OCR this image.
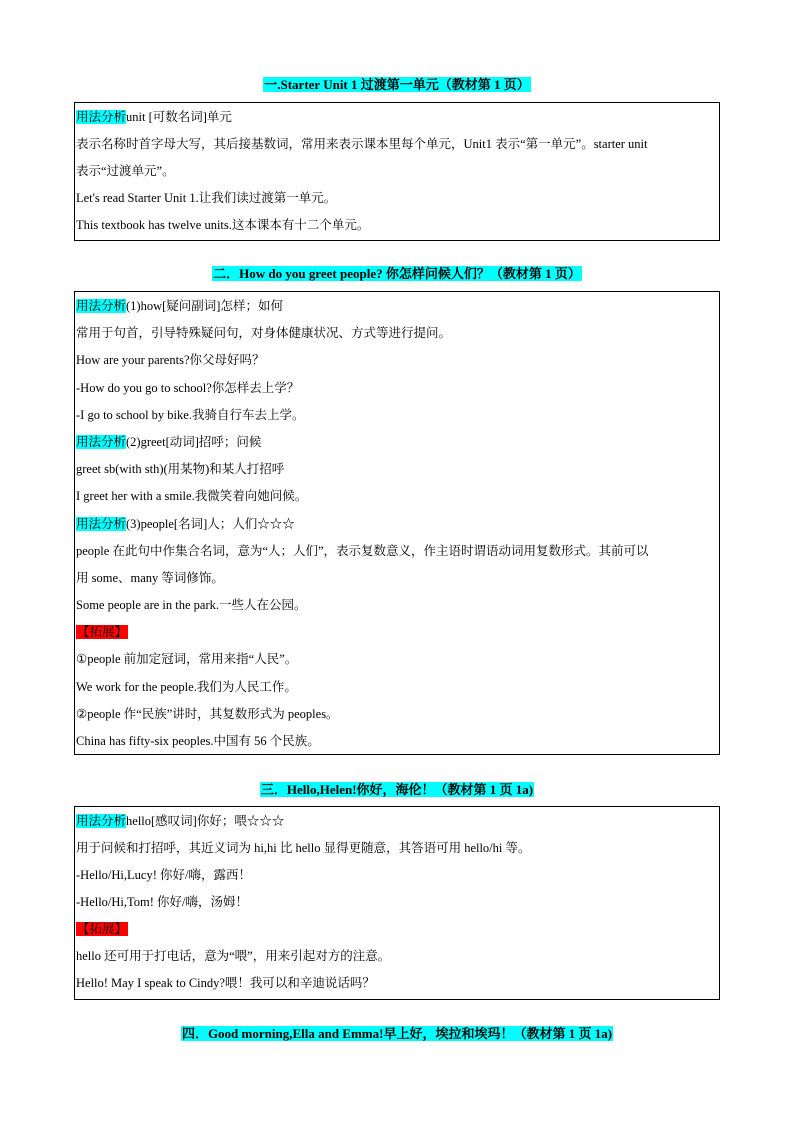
一.Starter Unit 1 过渡第一单元（教材第 1 页）
用法分析unit [可数名词]单元
表示名称时首字母大写，其后接基数词，常用来表示课本里每个单元，Unit1 表示“第一单元”。starter unit
表示“过渡单元”。
Let's read Starter Unit 1.让我们读过渡第一单元。
This textbook has twelve units.这本课本有十二个单元。
二．How do you greet people? 你怎样问候人们？（教材第 1 页）
用法分析(1)how[疑问副词]怎样；如何
常用于句首，引导特殊疑问句，对身体健康状况、方式等进行提问。
How are your parents?你父母好吗？
-How do you go to school?你怎样去上学？
-I go to school by bike.我骑自行车去上学。
用法分析(2)greet[动词]招呼；问候
greet sb(with sth)(用某物)和某人打招呼
I greet her with a smile.我微笑着向她问候。
用法分析(3)people[名词]人；人们☆☆☆
people 在此句中作集合名词，意为“人；人们”，表示复数意义，作主语时谓语动词用复数形式。其前可以
用 some、many 等词修饰。
Some people are in the park.一些人在公园。
【拓展】
①people 前加定冠词，常用来指“人民”。
We work for the people.我们为人民工作。
②people 作“民族”讲时，其复数形式为 peoples。
China has fifty-six peoples.中国有 56 个民族。
三．Hello,Helen!你好，海伦！（教材第 1 页 1a)
用法分析hello[感叹词]你好；喂☆☆☆
用于问候和打招呼，其近义词为 hi,hi 比 hello 显得更随意，其答语可用 hello/hi 等。
-Hello/Hi,Lucy! 你好/嗨，露西！
-Hello/Hi,Tom! 你好/嗨，汤姆！
【拓展】
hello 还可用于打电话，意为“喂”，用来引起对方的注意。
Hello! May I speak to Cindy?喂！我可以和辛迪说话吗？
四．Good morning,Ella and Emma!早上好，埃拉和埃玛！（教材第 1 页 1a)
